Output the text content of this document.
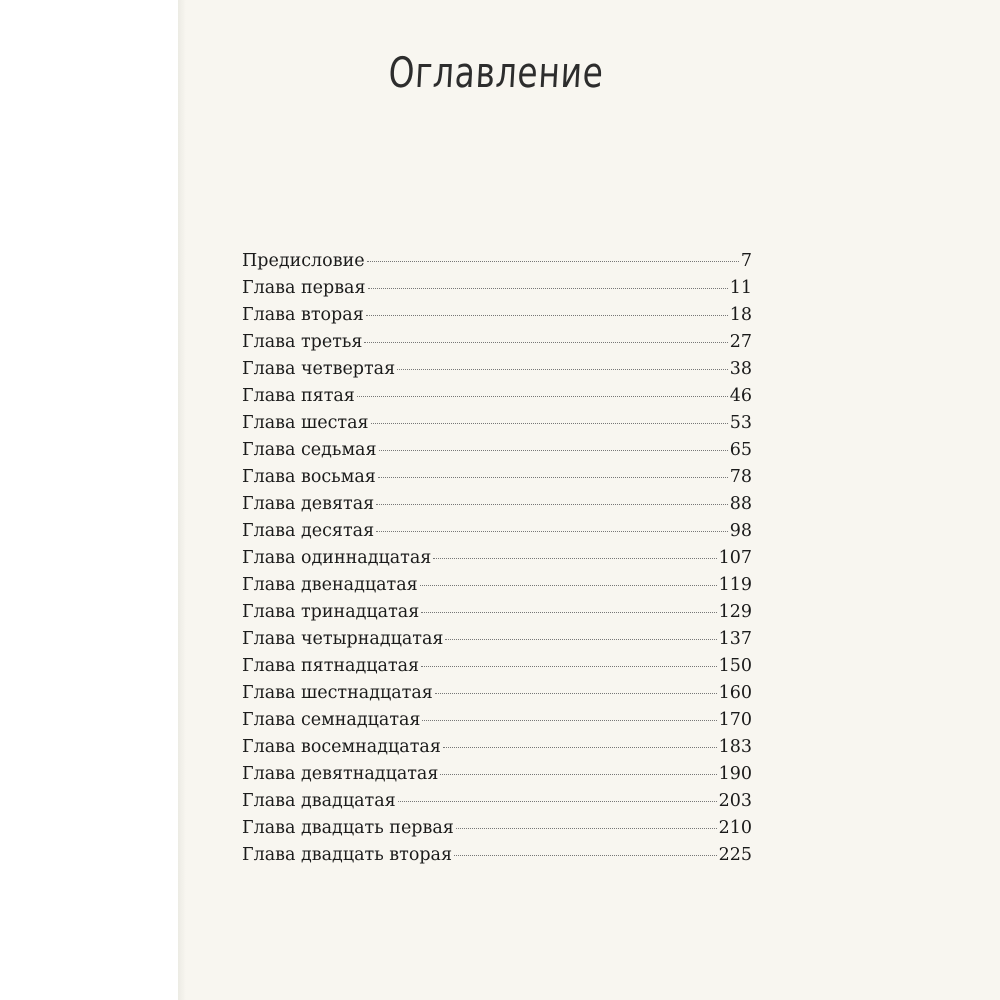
Оглавление
Предисловие	7
Глава первая	11
Глава вторая	18
Глава третья	27
Глава четвертая	38
Глава пятая	46
Глава шестая	53
Глава седьмая	65
Глава восьмая	78
Глава девятая	88
Глава десятая	98
Глава одиннадцатая	107
Глава двенадцатая	119
Глава тринадцатая	129
Глава четырнадцатая	137
Глава пятнадцатая	150
Глава шестнадцатая	160
Глава семнадцатая	170
Глава восемнадцатая	183
Глава девятнадцатая	190
Глава двадцатая	203
Глава двадцать первая	210
Глава двадцать вторая	225
